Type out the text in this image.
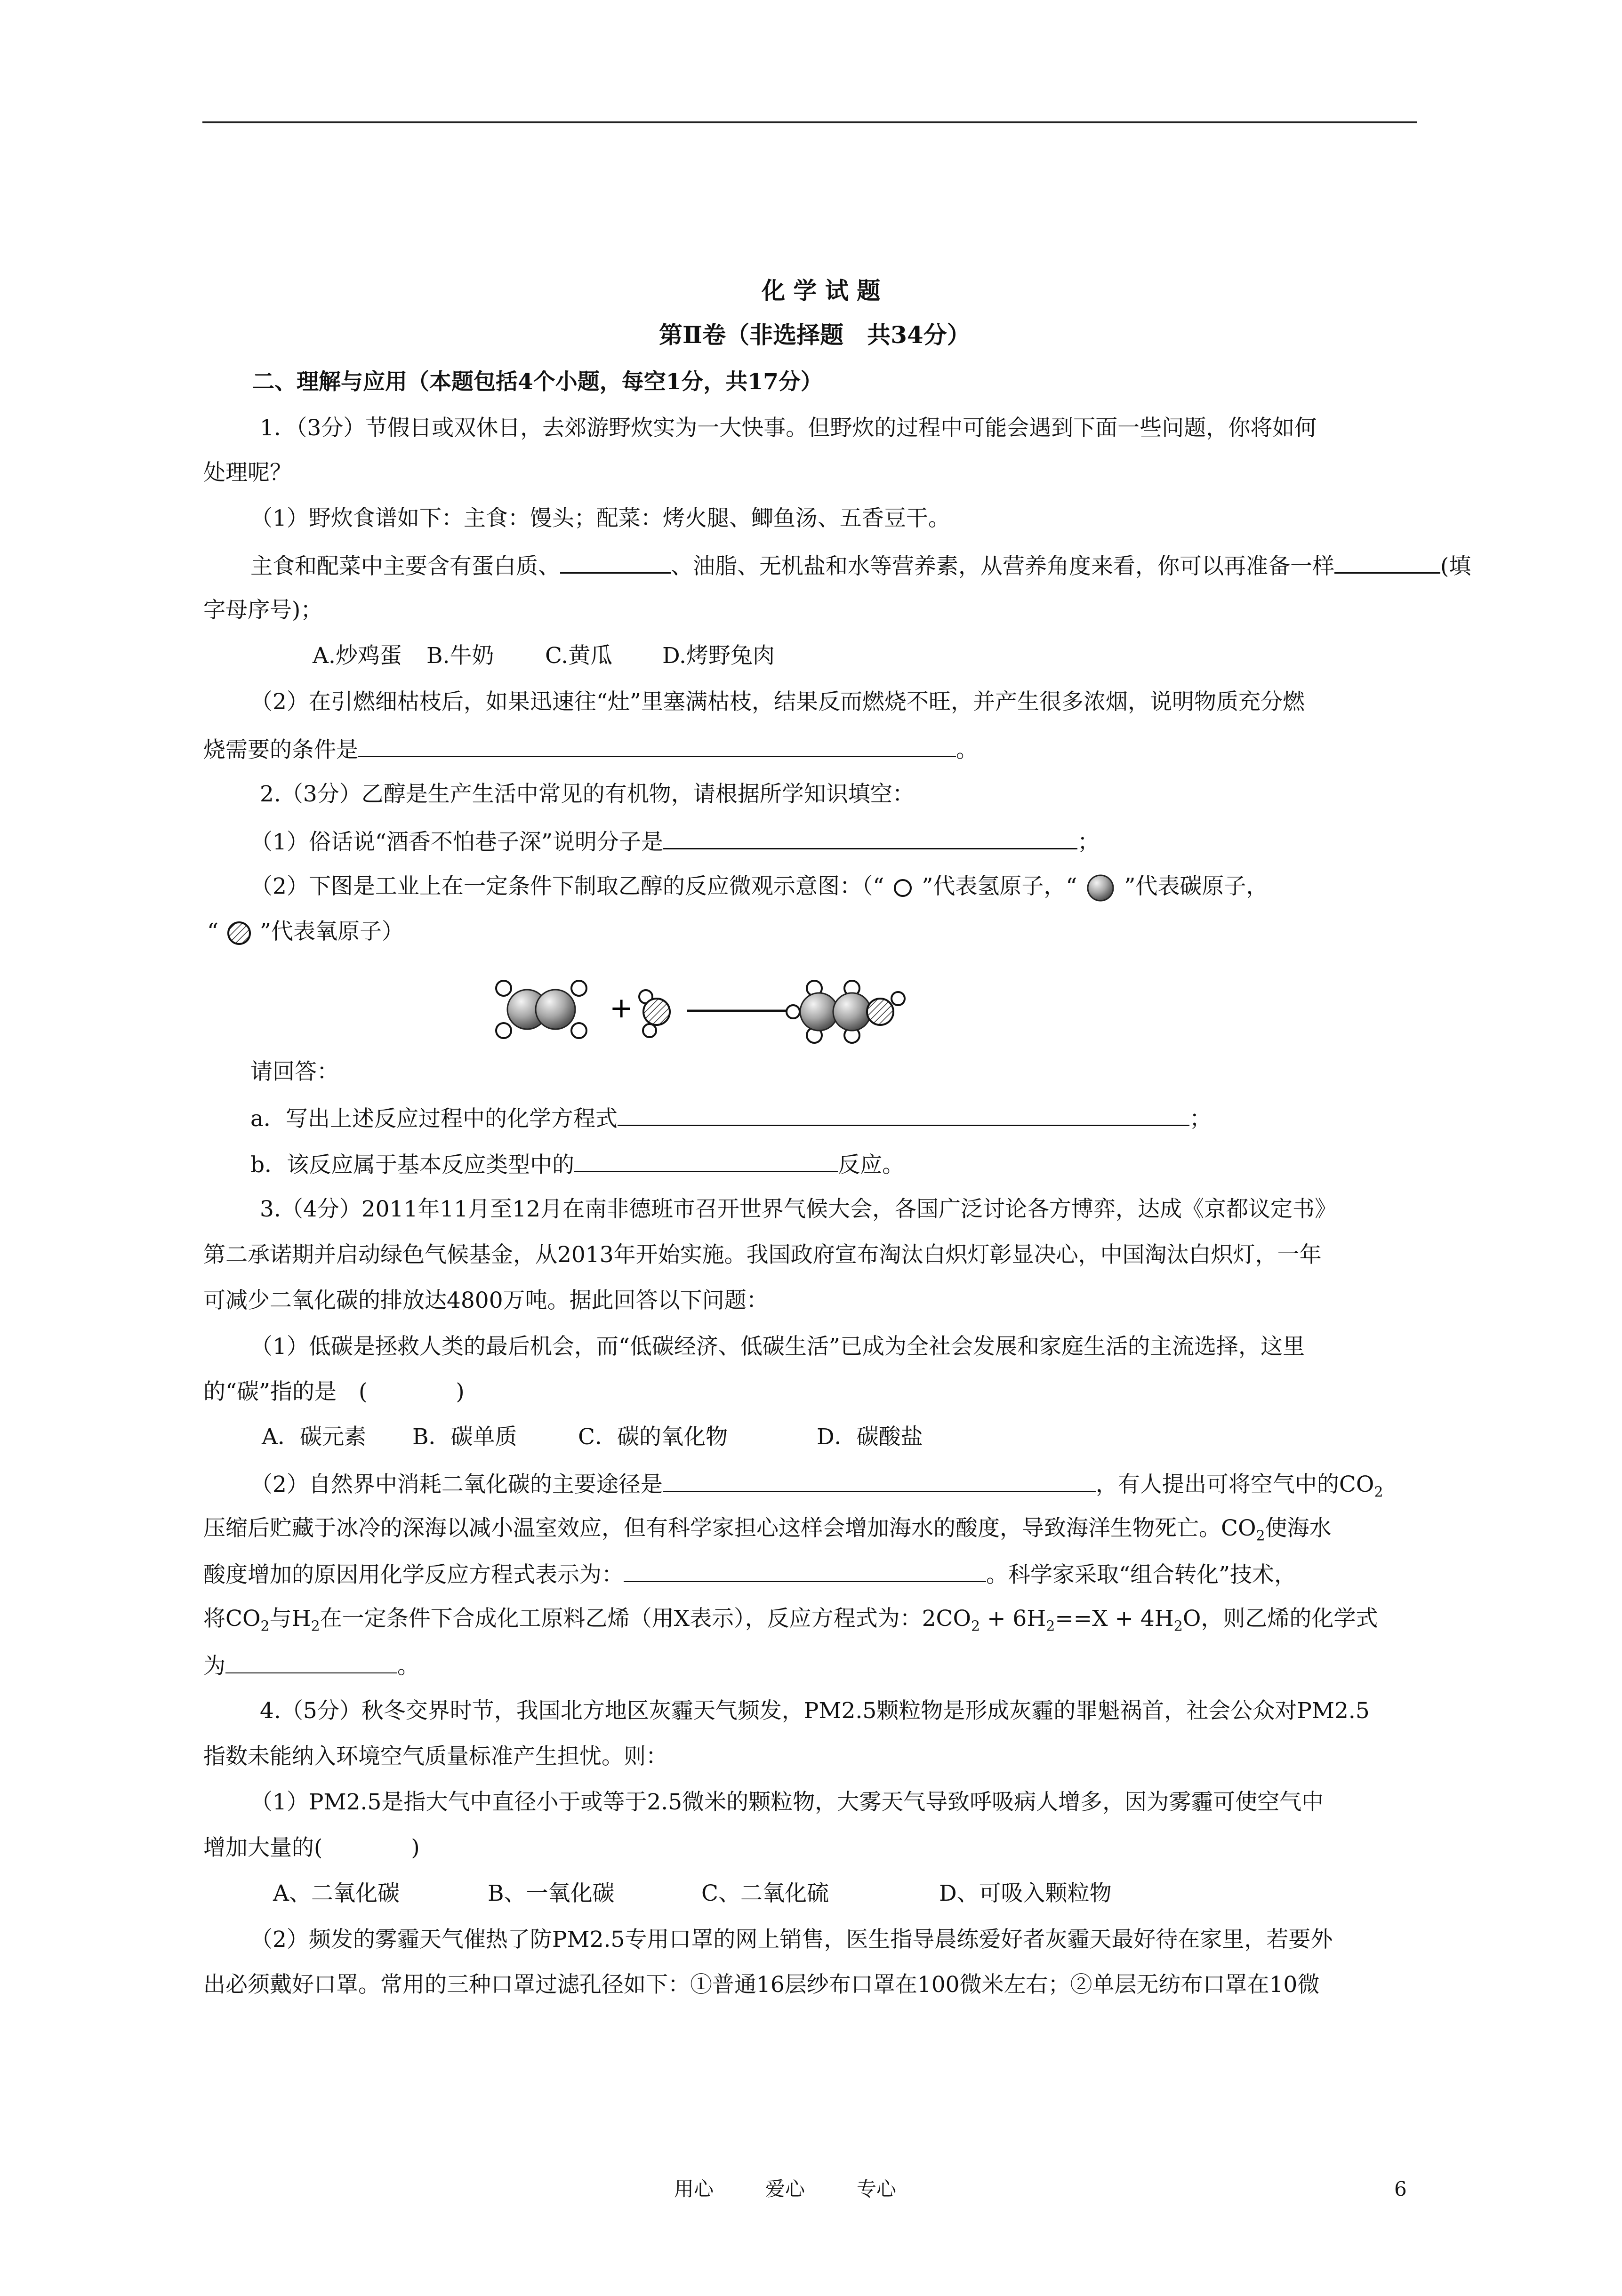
化 学 试 题
第Ⅱ卷（非选择题　共34分）
二、理解与应用（本题包括4个小题，每空1分，共17分）
1．（3分）节假日或双休日，去郊游野炊实为一大快事。但野炊的过程中可能会遇到下面一些问题，你将如何
处理呢？
（1）野炊食谱如下：主食：馒头；配菜：烤火腿、鲫鱼汤、五香豆干。
主食和配菜中主要含有蛋白质、	、油脂、无机盐和水等营养素，从营养角度来看，你可以再准备一样	(填
字母序号)；
A.炒鸡蛋 B.牛奶 C.黄瓜 D.烤野兔肉
（2）在引燃细枯枝后，如果迅速往“灶”里塞满枯枝，结果反而燃烧不旺，并产生很多浓烟，说明物质充分燃
烧需要的条件是	。
2.（3分）乙醇是生产生活中常见的有机物，请根据所学知识填空：
（1）俗话说“酒香不怕巷子深”说明分子是	；
（2）下图是工业上在一定条件下制取乙醇的反应微观示意图：（“ ”代表氢原子，“ ”代表碳原子，
“ ”代表氧原子）
+
请回答：
a．写出上述反应过程中的化学方程式	；
b．该反应属于基本反应类型中的	反应。
3.（4分）2011年11月至12月在南非德班市召开世界气候大会，各国广泛讨论各方博弈，达成《京都议定书》
第二承诺期并启动绿色气候基金，从2013年开始实施。我国政府宣布淘汰白炽灯彰显决心，中国淘汰白炽灯，一年
可减少二氧化碳的排放达4800万吨。据此回答以下问题：
（1）低碳是拯救人类的最后机会，而“低碳经济、低碳生活”已成为全社会发展和家庭生活的主流选择，这里
的“碳”指的是　(　　　　)
A．碳元素 B．碳单质	C．碳的氧化物	D．碳酸盐
（2）自然界中消耗二氧化碳的主要途径是	，有人提出可将空气中的$CO_2$
压缩后贮藏于冰冷的深海以减小温室效应，但有科学家担心这样会增加海水的酸度，导致海洋生物死亡。$CO_2$使海水
酸度增加的原因用化学反应方程式表示为：	。科学家采取“组合转化”技术，
将$CO_2$与$H_2$在一定条件下合成化工原料乙烯（用X表示），反应方程式为：$2CO_2 + 6H_2==X + 4H_2O$，则乙烯的化学式
为	。
4.（5分）秋冬交界时节，我国北方地区灰霾天气频发，PM2.5颗粒物是形成灰霾的罪魁祸首，社会公众对PM2.5
指数未能纳入环境空气质量标准产生担忧。则：
（1）PM2.5是指大气中直径小于或等于2.5微米的颗粒物，大雾天气导致呼吸病人增多，因为雾霾可使空气中
增加大量的(　　　　)
A、二氧化碳	B、一氧化碳	C、二氧化硫	D、可吸入颗粒物
（2）频发的雾霾天气催热了防PM2.5专用口罩的网上销售，医生指导晨练爱好者灰霾天最好待在家里，若要外
出必须戴好口罩。常用的三种口罩过滤孔径如下：①普通16层纱布口罩在100微米左右；②单层无纺布口罩在10微
用心	爱心	专心	6
